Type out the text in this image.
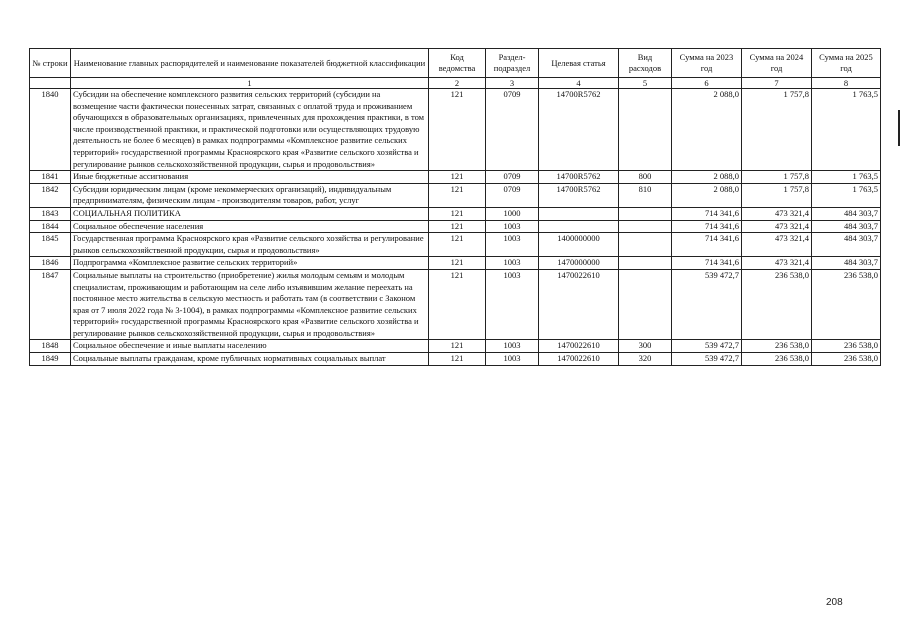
№ строки	Наименование главных распорядителей и наименование показателей бюджетной классификации	Код ведомства	Раздел-подраздел	Целевая статья	Вид расходов	Сумма на 2023 год	Сумма на 2024 год	Сумма на 2025 год
	1	2	3	4	5	6	7	8
1840	Субсидии на обеспечение комплексного развития сельских территорий (субсидии на возмещение части фактически понесенных затрат, связанных с оплатой труда и проживанием обучающихся в образовательных организациях, привлеченных для прохождения практики, в том числе производственной практики, и практической подготовки или осуществляющих трудовую деятельность не более 6 месяцев) в рамках подпрограммы «Комплексное развитие сельских территорий» государственной программы Красноярского края «Развитие сельского хозяйства и регулирование рынков сельскохозяйственной продукции, сырья и продовольствия»	121	0709	14700R5762		2 088,0	1 757,8	1 763,5
1841	Иные бюджетные ассигнования	121	0709	14700R5762	800	2 088,0	1 757,8	1 763,5
1842	Субсидии юридическим лицам (кроме некоммерческих организаций), индивидуальным предпринимателям, физическим лицам - производителям товаров, работ, услуг	121	0709	14700R5762	810	2 088,0	1 757,8	1 763,5
1843	СОЦИАЛЬНАЯ ПОЛИТИКА	121	1000			714 341,6	473 321,4	484 303,7
1844	Социальное обеспечение населения	121	1003			714 341,6	473 321,4	484 303,7
1845	Государственная программа Красноярского края «Развитие сельского хозяйства и регулирование рынков сельскохозяйственной продукции, сырья и продовольствия»	121	1003	1400000000		714 341,6	473 321,4	484 303,7
1846	Подпрограмма «Комплексное развитие сельских территорий»	121	1003	1470000000		714 341,6	473 321,4	484 303,7
1847	Социальные выплаты на строительство (приобретение) жилья молодым семьям и молодым специалистам, проживающим и работающим на селе либо изъявившим желание переехать на постоянное место жительства в сельскую местность и работать там (в соответствии с Законом края от 7 июля 2022 года № 3-1004), в рамках подпрограммы «Комплексное развитие сельских территорий» государственной программы Красноярского края «Развитие сельского хозяйства и регулирование рынков сельскохозяйственной продукции, сырья и продовольствия»	121	1003	1470022610		539 472,7	236 538,0	236 538,0
1848	Социальное обеспечение и иные выплаты населению	121	1003	1470022610	300	539 472,7	236 538,0	236 538,0
1849	Социальные выплаты гражданам, кроме публичных нормативных социальных выплат	121	1003	1470022610	320	539 472,7	236 538,0	236 538,0
208
